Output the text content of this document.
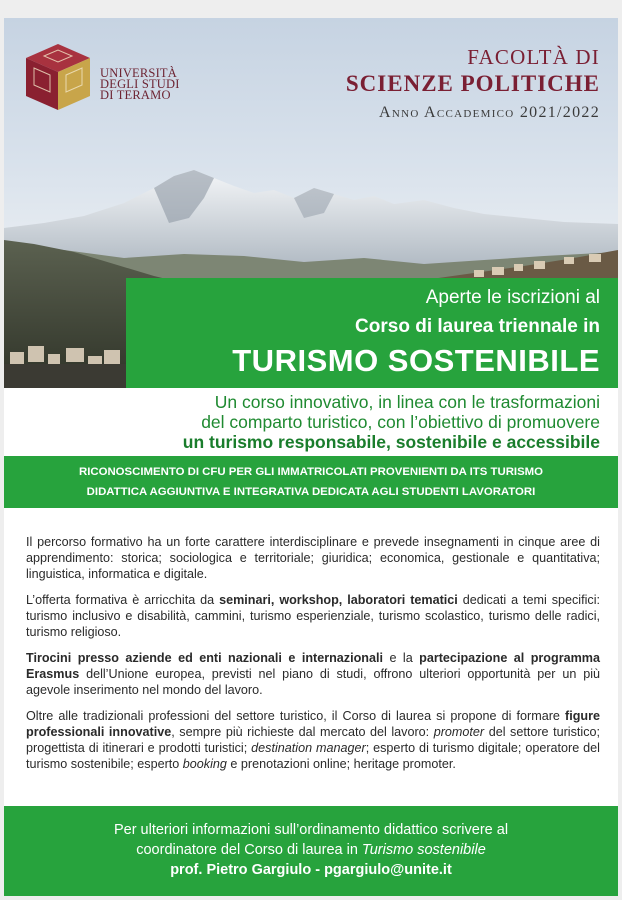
UNIVERSITÀ
DEGLI STUDI
DI TERAMO
FACOLTÀ DI
SCIENZE POLITICHE
Anno Accademico 2021/2022
Aperte le iscrizioni al
Corso di laurea triennale in
TURISMO SOSTENIBILE
Un corso innovativo, in linea con le trasformazioni
del comparto turistico, con l’obiettivo di promuovere
un turismo responsabile, sostenibile e accessibile
RICONOSCIMENTO DI CFU PER GLI IMMATRICOLATI PROVENIENTI DA ITS TURISMO
DIDATTICA AGGIUNTIVA E INTEGRATIVA DEDICATA AGLI STUDENTI LAVORATORI

Il percorso formativo ha un forte carattere interdisciplinare e prevede insegnamenti in cinque aree di apprendimento: storica; sociologica e territoriale; giuridica; economica, gestionale e quantitativa; linguistica, informatica e digitale.

L’offerta formativa è arricchita da seminari, workshop, laboratori tematici dedicati a temi specifici: turismo inclusivo e disabilità, cammini, turismo esperienziale, turismo scolastico, turismo delle radici, turismo religioso.

Tirocini presso aziende ed enti nazionali e internazionali e la partecipazione al programma Erasmus dell’Unione europea, previsti nel piano di studi, offrono ulteriori opportunità per un più agevole inserimento nel mondo del lavoro.

Oltre alle tradizionali professioni del settore turistico, il Corso di laurea si propone di formare figure professionali innovative, sempre più richieste dal mercato del lavoro: promoter del settore turistico; progettista di itinerari e prodotti turistici; destination manager; esperto di turismo digitale; operatore del turismo sostenibile; esperto booking e prenotazioni online; heritage promoter.

Per ulteriori informazioni sull’ordinamento didattico scrivere al
coordinatore del Corso di laurea in Turismo sostenibile
prof. Pietro Gargiulo - pgargiulo@unite.it
